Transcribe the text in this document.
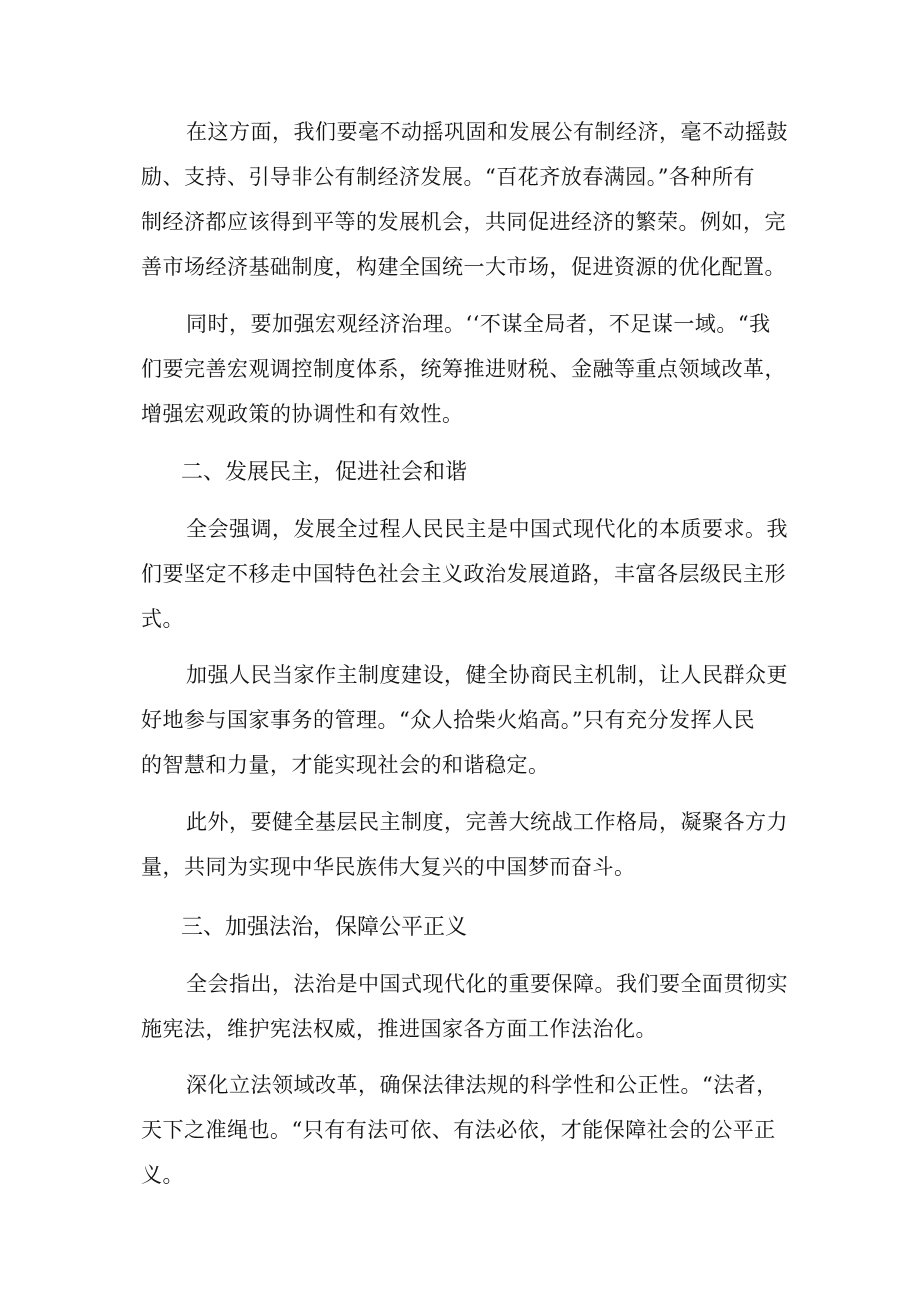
在这方面，我们要毫不动摇巩固和发展公有制经济，毫不动摇鼓
励、支持、引导非公有制经济发展。“百花齐放春满园。”各种所有
制经济都应该得到平等的发展机会，共同促进经济的繁荣。例如，完
善市场经济基础制度，构建全国统一大市场，促进资源的优化配置。
同时，要加强宏观经济治理。‘‘不谋全局者，不足谋一域。“我
们要完善宏观调控制度体系，统筹推进财税、金融等重点领域改革，
增强宏观政策的协调性和有效性。
二、发展民主，促进社会和谐
全会强调，发展全过程人民民主是中国式现代化的本质要求。我
们要坚定不移走中国特色社会主义政治发展道路，丰富各层级民主形
式。
加强人民当家作主制度建设，健全协商民主机制，让人民群众更
好地参与国家事务的管理。“众人拾柴火焰高。”只有充分发挥人民
的智慧和力量，才能实现社会的和谐稳定。
此外，要健全基层民主制度，完善大统战工作格局，凝聚各方力
量，共同为实现中华民族伟大复兴的中国梦而奋斗。
三、加强法治，保障公平正义
全会指出，法治是中国式现代化的重要保障。我们要全面贯彻实
施宪法，维护宪法权威，推进国家各方面工作法治化。
深化立法领域改革，确保法律法规的科学性和公正性。“法者，
天下之准绳也。“只有有法可依、有法必依，才能保障社会的公平正
义。
